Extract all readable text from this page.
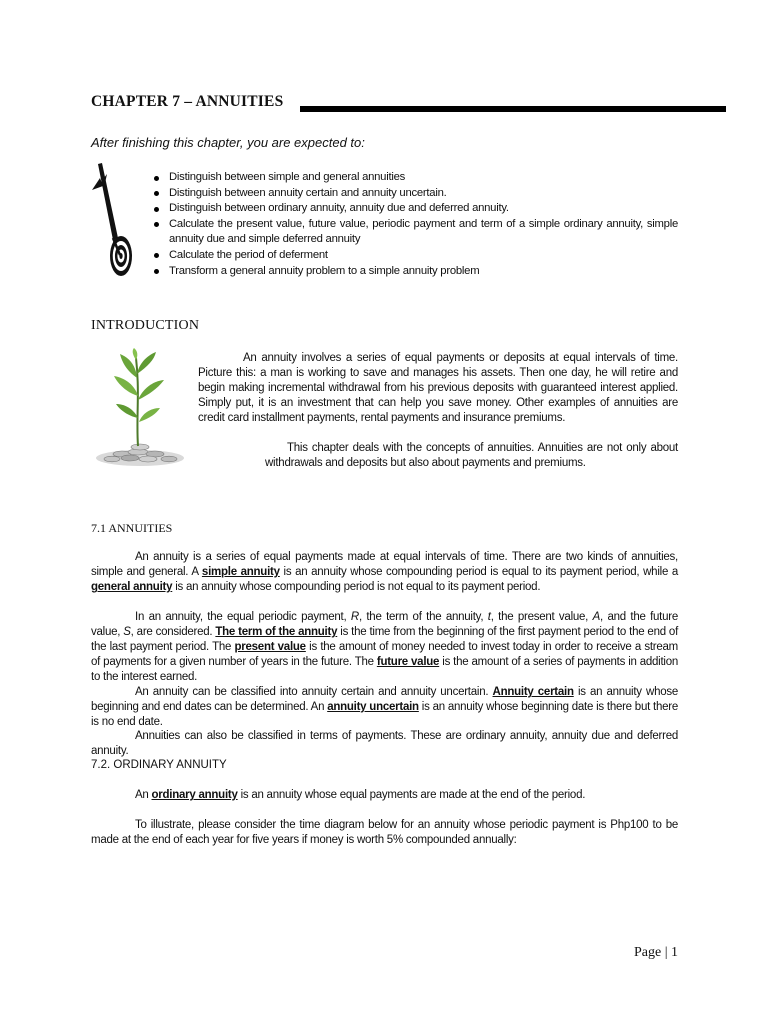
CHAPTER 7 – ANNUITIES
After finishing this chapter, you are expected to:
Distinguish between simple and general annuities
Distinguish between annuity certain and annuity uncertain.
Distinguish between ordinary annuity, annuity due and deferred annuity.
Calculate the present value, future value, periodic payment and term of a simple ordinary annuity, simple annuity due and simple deferred annuity
Calculate the period of deferment
Transform a general annuity problem to a simple annuity problem
INTRODUCTION
An annuity involves a series of equal payments or deposits at equal intervals of time. Picture this: a man is working to save and manages his assets. Then one day, he will retire and begin making incremental withdrawal from his previous deposits with guaranteed interest applied. Simply put, it is an investment that can help you save money. Other examples of annuities are credit card installment payments, rental payments and insurance premiums.
This chapter deals with the concepts of annuities. Annuities are not only about withdrawals and deposits but also about payments and premiums.
7.1 ANNUITIES
An annuity is a series of equal payments made at equal intervals of time. There are two kinds of annuities, simple and general. A simple annuity is an annuity whose compounding period is equal to its payment period, while a general annuity is an annuity whose compounding period is not equal to its payment period.
In an annuity, the equal periodic payment, R, the term of the annuity, t, the present value, A, and the future value, S, are considered. The term of the annuity is the time from the beginning of the first payment period to the end of the last payment period. The present value is the amount of money needed to invest today in order to receive a stream of payments for a given number of years in the future. The future value is the amount of a series of payments in addition to the interest earned.
An annuity can be classified into annuity certain and annuity uncertain. Annuity certain is an annuity whose beginning and end dates can be determined. An annuity uncertain is an annuity whose beginning date is there but there is no end date.
Annuities can also be classified in terms of payments. These are ordinary annuity, annuity due and deferred annuity.
7.2. ORDINARY ANNUITY
An ordinary annuity is an annuity whose equal payments are made at the end of the period.
To illustrate, please consider the time diagram below for an annuity whose periodic payment is Php100 to be made at the end of each year for five years if money is worth 5% compounded annually:
Page | 1
